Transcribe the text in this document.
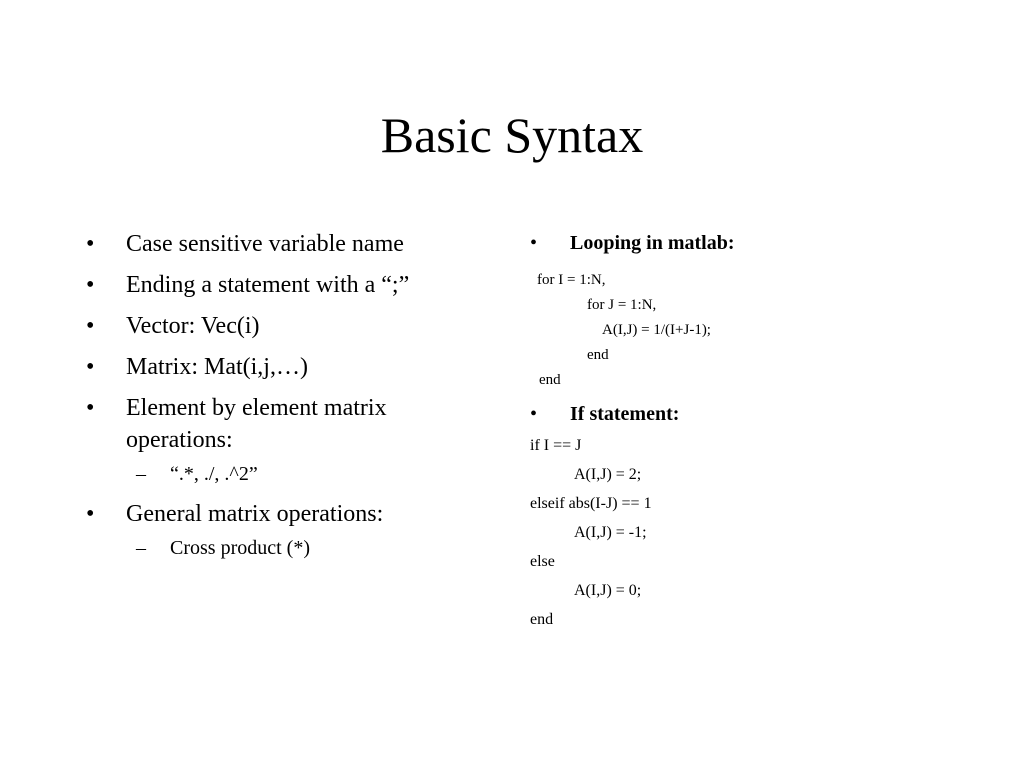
Basic Syntax
• Case sensitive variable name
• Ending a statement with a “;”
• Vector: Vec(i)
• Matrix: Mat(i,j,…)
• Element by element matrix operations:
– “.*, ./, .^2”
• General matrix operations:
– Cross product (*)
• Looping in matlab:
for I = 1:N,
for J = 1:N,
A(I,J) = 1/(I+J-1);
end
end
• If statement:
if I == J
A(I,J) = 2;
elseif abs(I-J) == 1
A(I,J) = -1;
else
A(I,J) = 0;
end
